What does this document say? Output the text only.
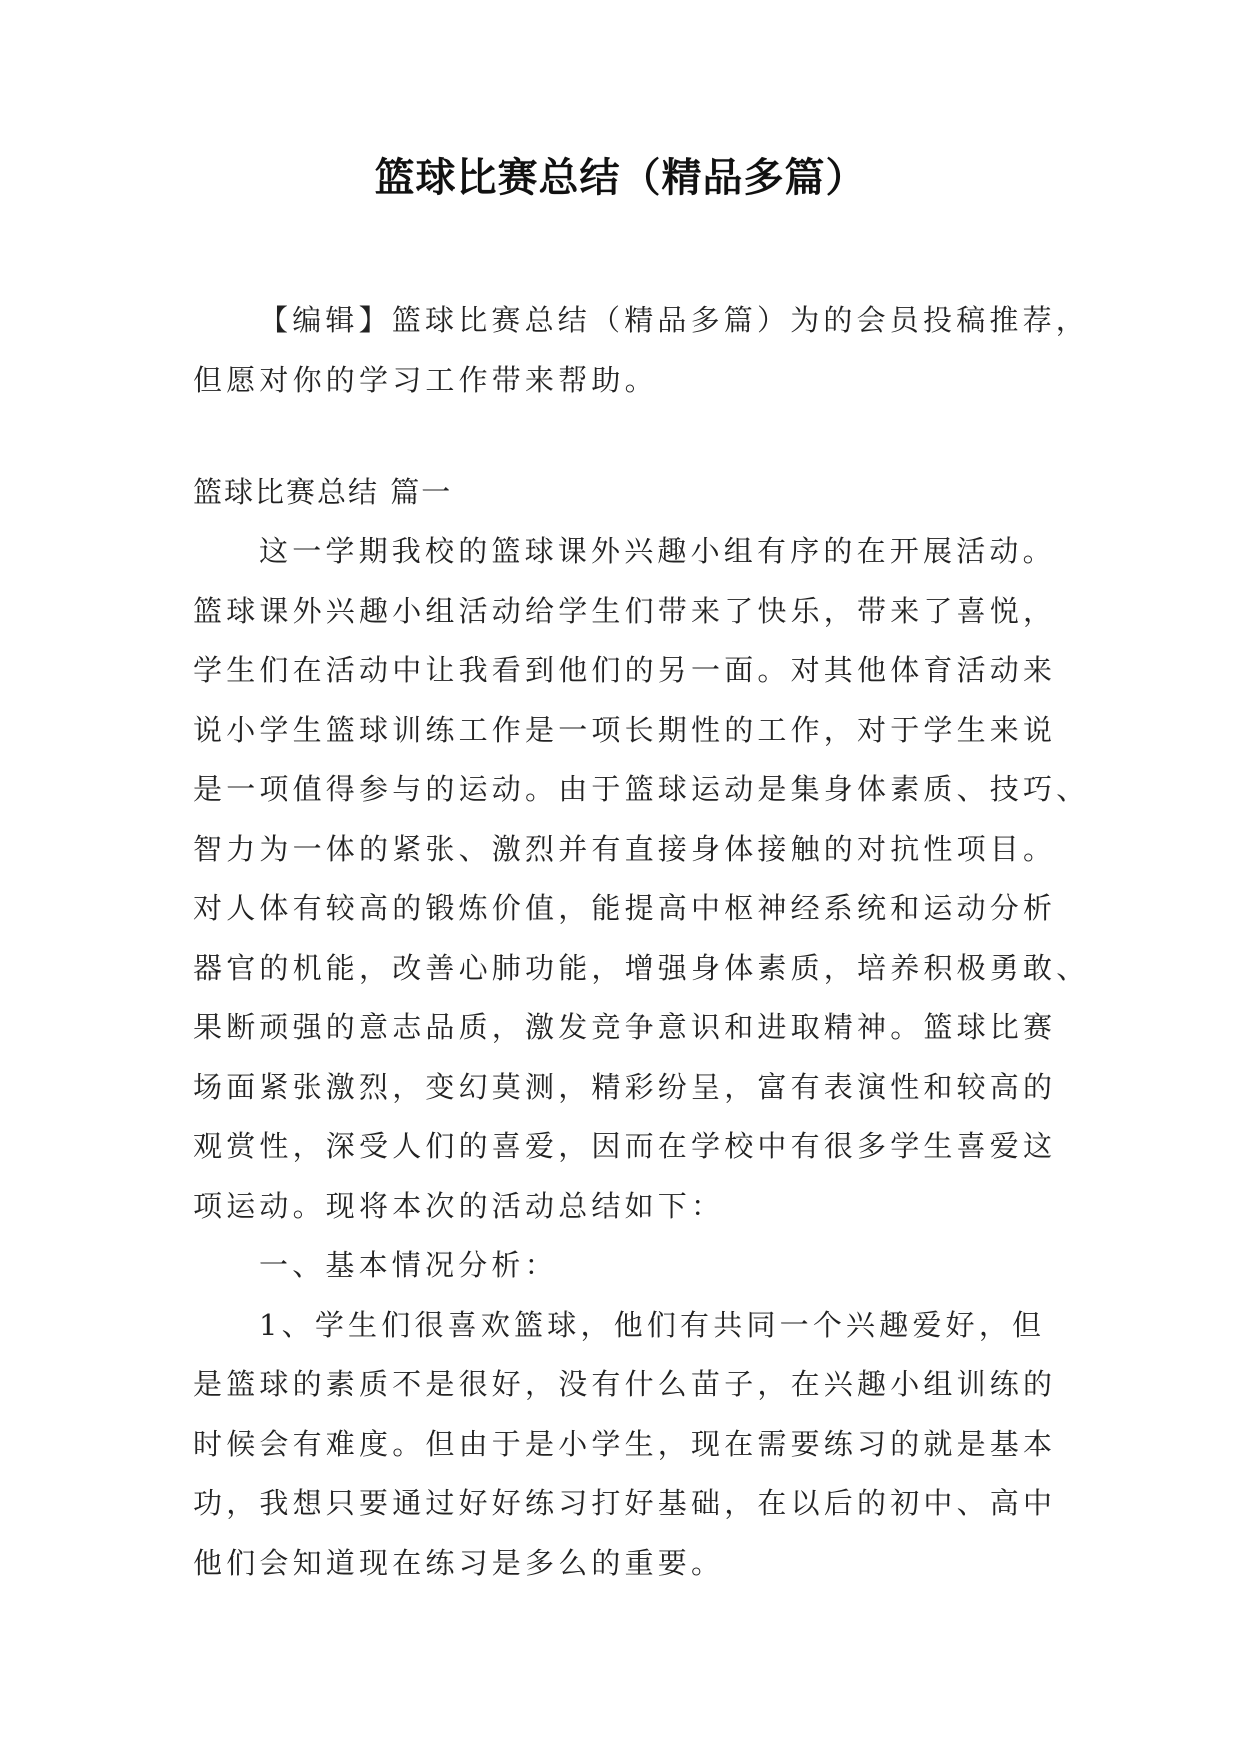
篮球比赛总结（精品多篇）
【编辑】篮球比赛总结（精品多篇）为的会员投稿推荐，
但愿对你的学习工作带来帮助。
篮球比赛总结 篇一
这一学期我校的篮球课外兴趣小组有序的在开展活动。
篮球课外兴趣小组活动给学生们带来了快乐，带来了喜悦，
学生们在活动中让我看到他们的另一面。对其他体育活动来
说小学生篮球训练工作是一项长期性的工作，对于学生来说
是一项值得参与的运动。由于篮球运动是集身体素质、技巧、
智力为一体的紧张、激烈并有直接身体接触的对抗性项目。
对人体有较高的锻炼价值，能提高中枢神经系统和运动分析
器官的机能，改善心肺功能，增强身体素质，培养积极勇敢、
果断顽强的意志品质，激发竞争意识和进取精神。篮球比赛
场面紧张激烈，变幻莫测，精彩纷呈，富有表演性和较高的
观赏性，深受人们的喜爱，因而在学校中有很多学生喜爱这
项运动。现将本次的活动总结如下：
一、基本情况分析：
1、学生们很喜欢篮球，他们有共同一个兴趣爱好，但
是篮球的素质不是很好，没有什么苗子，在兴趣小组训练的
时候会有难度。但由于是小学生，现在需要练习的就是基本
功，我想只要通过好好练习打好基础，在以后的初中、高中
他们会知道现在练习是多么的重要。
